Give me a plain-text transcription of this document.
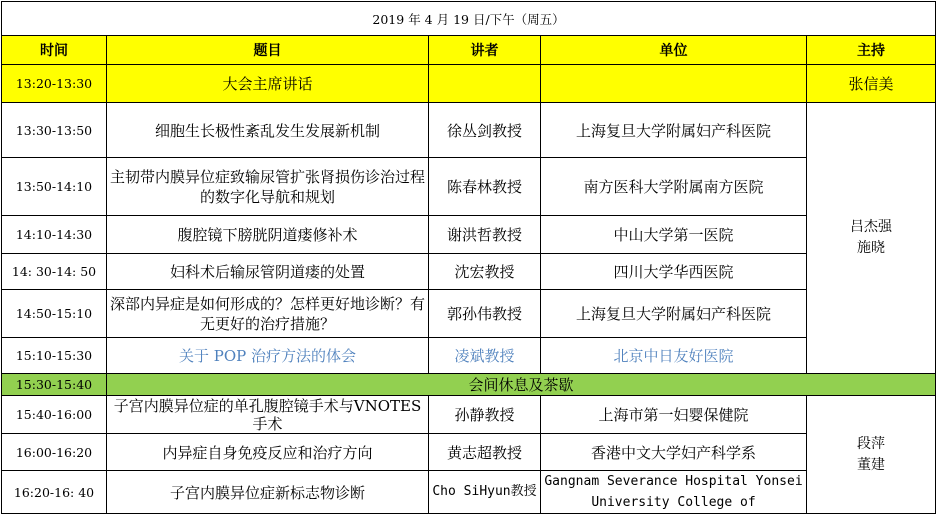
2019 年 4 月 19 日/下午（周五）				
时间	题目	讲者	单位	主持
13:20-13:30	大会主席讲话			张信美
13:30-13:50	细胞生长极性紊乱发生发展新机制	徐丛剑教授	上海复旦大学附属妇产科医院	吕杰强
施晓

13:50-14:10	主韧带内膜异位症致输尿管扩张肾损伤诊治过程的数字化导航和规划	陈春林教授	南方医科大学附属南方医院	
14:10-14:30	腹腔镜下膀胱阴道瘘修补术	谢洪哲教授	中山大学第一医院	
14: 30-14: 50	妇科术后输尿管阴道瘘的处置	沈宏教授	四川大学华西医院	
14:50-15:10	深部内异症是如何形成的？怎样更好地诊断？有无更好的治疗措施？	郭孙伟教授	上海复旦大学附属妇产科医院	
15:10-15:30	关于 POP 治疗方法的体会	凌斌教授	北京中日友好医院	
15:30-15:40	会间休息及茶歇			
15:40-16:00	子宫内膜异位症的单孔腹腔镜手术与VNOTES 手术	孙静教授	上海市第一妇婴保健院	段萍
董建

16:00-16:20	内异症自身免疫反应和治疗方向	黄志超教授	香港中文大学妇产科学系	
16:20-16: 40	子宫内膜异位症新标志物诊断	Cho SiHyun教授	Gangnam Severance Hospital Yonsei University College of	
